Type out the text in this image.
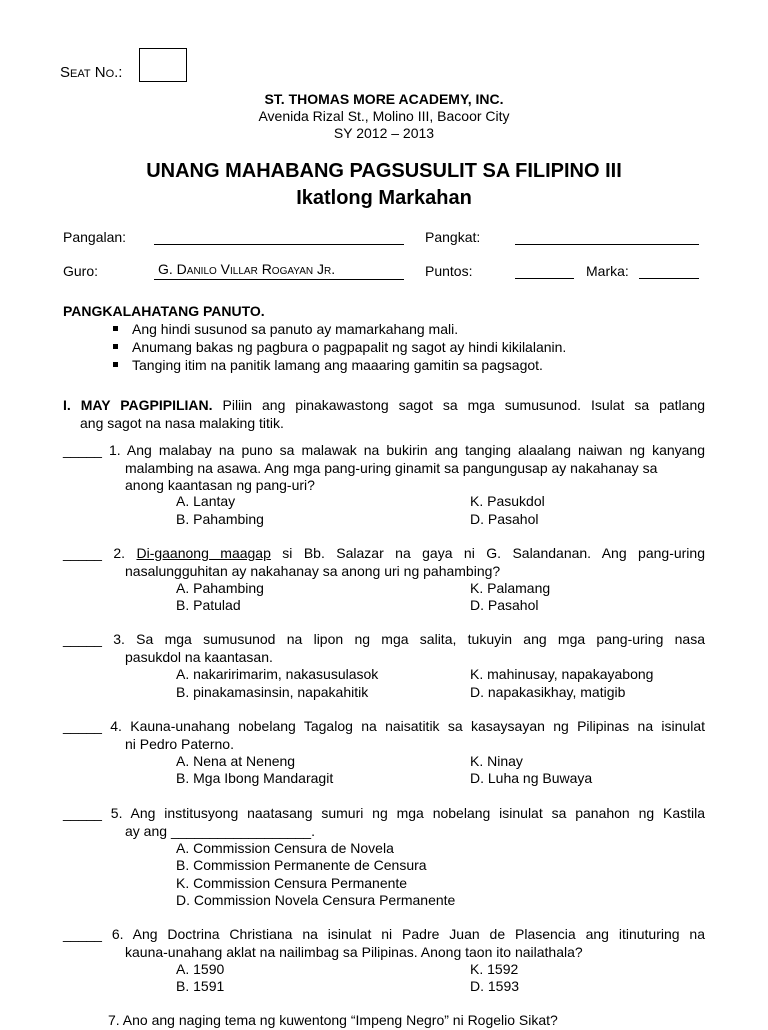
Seat No.:
ST. THOMAS MORE ACADEMY, INC.
Avenida Rizal St., Molino III, Bacoor City
SY 2012 – 2013
UNANG MAHABANG PAGSUSULIT SA FILIPINO III
Ikatlong Markahan
Pangalan:	Pangkat:
Guro:	G. Danilo Villar Rogayan Jr.	Puntos:	Marka:
PANGKALAHATANG PANUTO.
Ang hindi susunod sa panuto ay mamarkahang mali.
Anumang bakas ng pagbura o pagpapalit ng sagot ay hindi kikilalanin.
Tanging itim na panitik lamang ang maaaring gamitin sa pagsagot.
I. MAY PAGPIPILIAN. Piliin ang pinakawastong sagot sa mga sumusunod. Isulat sa patlang
ang sagot na nasa malaking titik.
_____ 1. Ang malabay na puno sa malawak na bukirin ang tanging alaalang naiwan ng kanyang
malambing na asawa. Ang mga pang-uring ginamit sa pangungusap ay nakahanay sa
anong kaantasan ng pang-uri?
A. Lantay	K. Pasukdol
B. Pahambing	D. Pasahol
_____ 2. Di-gaanong maagap si Bb. Salazar na gaya ni G. Salandanan. Ang pang-uring
nasalungguhitan ay nakahanay sa anong uri ng pahambing?
A. Pahambing	K. Palamang
B. Patulad	D. Pasahol
_____ 3. Sa mga sumusunod na lipon ng mga salita, tukuyin ang mga pang-uring nasa
pasukdol na kaantasan.
A. nakaririmarim, nakasusulasok	K. mahinusay, napakayabong
B. pinakamasinsin, napakahitik	D. napakasikhay, matigib
_____ 4. Kauna-unahang nobelang Tagalog na naisatitik sa kasaysayan ng Pilipinas na isinulat
ni Pedro Paterno.
A. Nena at Neneng	K. Ninay
B. Mga Ibong Mandaragit	D. Luha ng Buwaya
_____ 5. Ang institusyong naatasang sumuri ng mga nobelang isinulat sa panahon ng Kastila
ay ang __________________.
A. Commission Censura de Novela
B. Commission Permanente de Censura
K. Commission Censura Permanente
D. Commission Novela Censura Permanente
_____ 6. Ang Doctrina Christiana na isinulat ni Padre Juan de Plasencia ang itinuturing na
kauna-unahang aklat na nailimbag sa Pilipinas. Anong taon ito nailathala?
A. 1590	K. 1592
B. 1591	D. 1593
7. Ano ang naging tema ng kuwentong “Impeng Negro” ni Rogelio Sikat?
